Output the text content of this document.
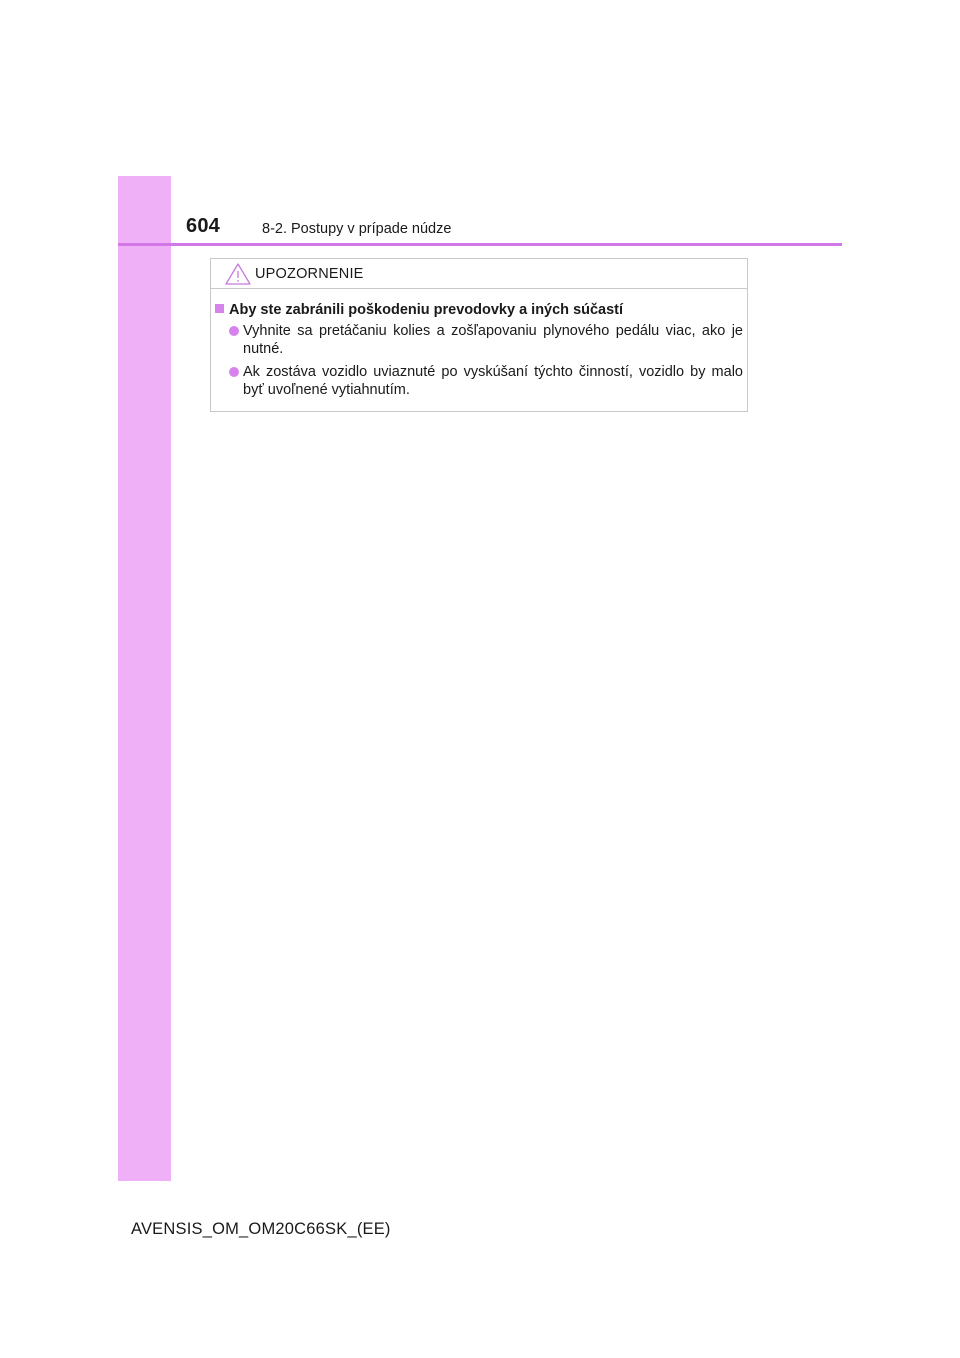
604	8-2. Postupy v prípade núdze
UPOZORNENIE
Aby ste zabránili poškodeniu prevodovky a iných súčastí
Vyhnite sa pretáčaniu kolies a zošľapovaniu plynového pedálu viac, ako je nutné.
Ak zostáva vozidlo uviaznuté po vyskúšaní týchto činností, vozidlo by malo byť uvoľnené vytiahnutím.
AVENSIS_OM_OM20C66SK_(EE)
